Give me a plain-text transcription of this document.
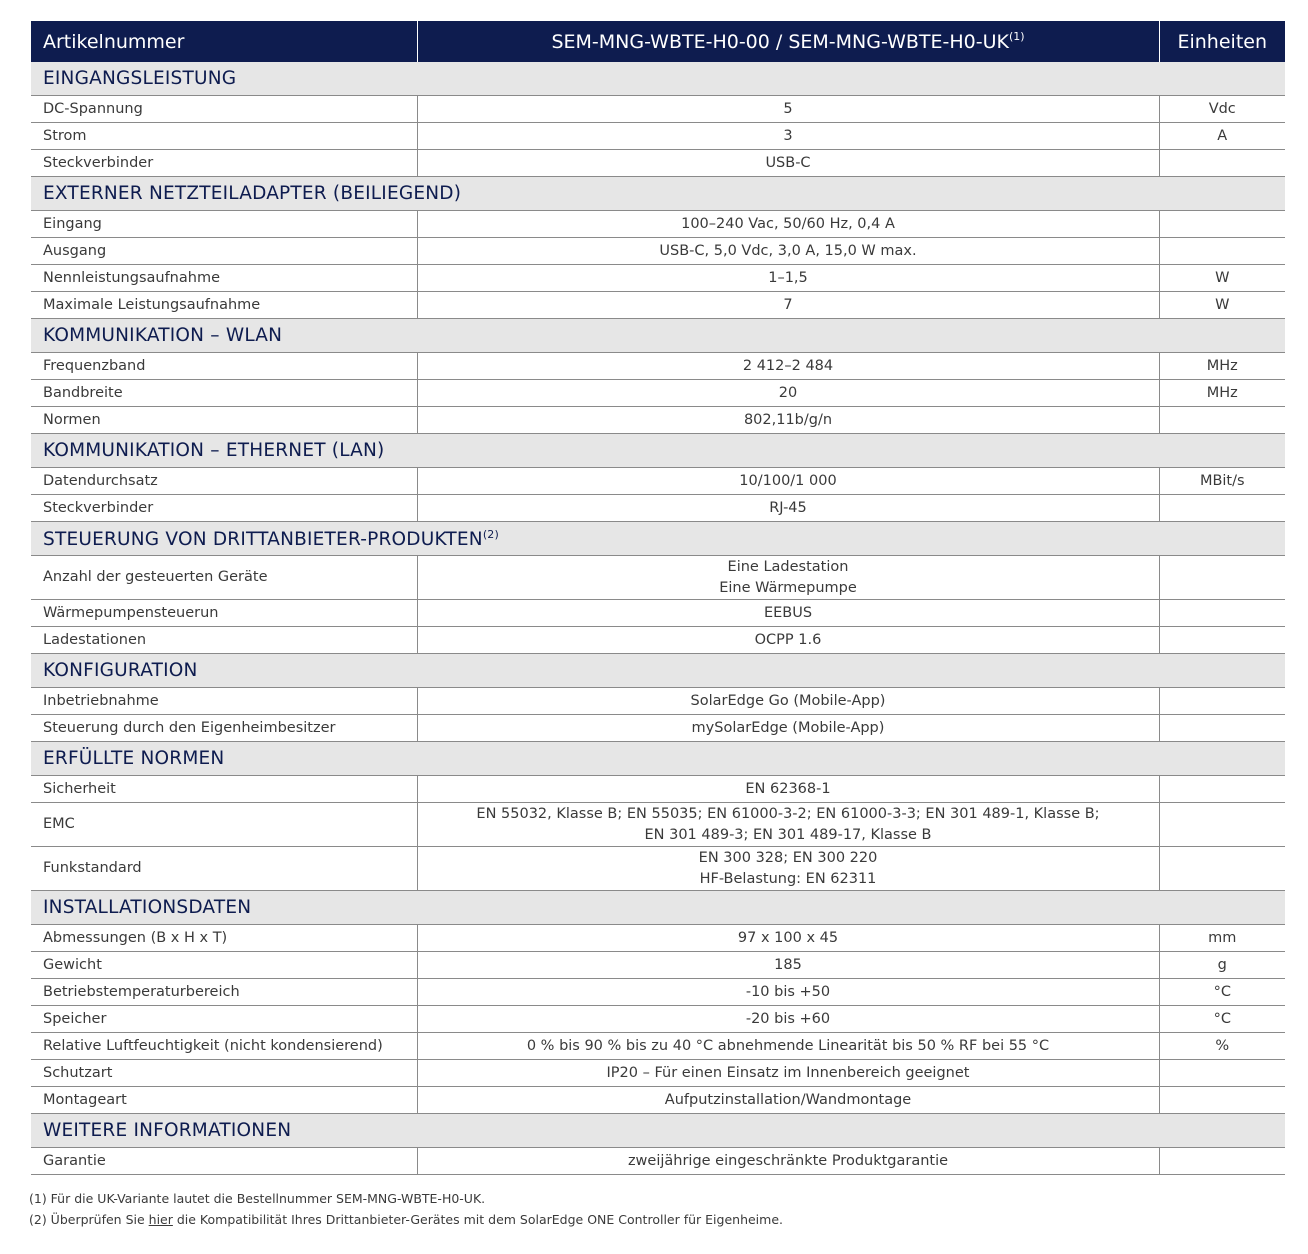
Artikelnummer	SEM-MNG-WBTE-H0-00 / SEM-MNG-WBTE-H0-UK$^{(1)}$	Einheiten
EINGANGSLEISTUNG		
DC-Spannung	5	Vdc
Strom	3	A
Steckverbinder	USB-C	

EXTERNER NETZTEILADAPTER (BEILIEGEND)		
Eingang	100–240 Vac, 50/60 Hz, 0,4 A	

Ausgang	USB-C, 5,0 Vdc, 3,0 A, 15,0 W max.	

Nennleistungsaufnahme	1–1,5	W
Maximale Leistungsaufnahme	7	W
KOMMUNIKATION – WLAN		
Frequenzband	2 412–2 484	MHz
Bandbreite	20	MHz
Normen	802,11b/g/n	

KOMMUNIKATION – ETHERNET (LAN)		
Datendurchsatz	10/100/1 000	MBit/s
Steckverbinder	RJ-45	

STEUERUNG VON DRITTANBIETER-PRODUKTEN$^{(2)}$
Anzahl der gesteuerten Geräte	Eine Ladestation
Eine Wärmepumpe	

Wärmepumpensteuerun	EEBUS	

Ladestationen	OCPP 1.6	

KONFIGURATION		
Inbetriebnahme	SolarEdge Go (Mobile-App)	

Steuerung durch den Eigenheimbesitzer	mySolarEdge (Mobile-App)	

ERFÜLLTE NORMEN		
Sicherheit	EN 62368-1	

EMC	EN 55032, Klasse B; EN 55035; EN 61000-3-2; EN 61000-3-3; EN 301 489-1, Klasse B;
EN 301 489-3; EN 301 489-17, Klasse B	

Funkstandard	EN 300 328; EN 300 220
HF-Belastung: EN 62311	

INSTALLATIONSDATEN		
Abmessungen (B x H x T)	97 x 100 x 45	mm
Gewicht	185	g
Betriebstemperaturbereich	-10 bis +50	°C
Speicher	-20 bis +60	°C
Relative Luftfeuchtigkeit (nicht kondensierend)	0 % bis 90 % bis zu 40 °C abnehmende Linearität bis 50 % RF bei 55 °C	%
Schutzart	IP20 – Für einen Einsatz im Innenbereich geeignet	

Montageart	Aufputzinstallation/Wandmontage	

WEITERE INFORMATIONEN		
Garantie	zweijährige eingeschränkte Produktgarantie	

(1) Für die UK-Variante lautet die Bestellnummer SEM-MNG-WBTE-H0-UK.
(2) Überprüfen Sie hier die Kompatibilität Ihres Drittanbieter-Gerätes mit dem SolarEdge ONE Controller für Eigenheime.
